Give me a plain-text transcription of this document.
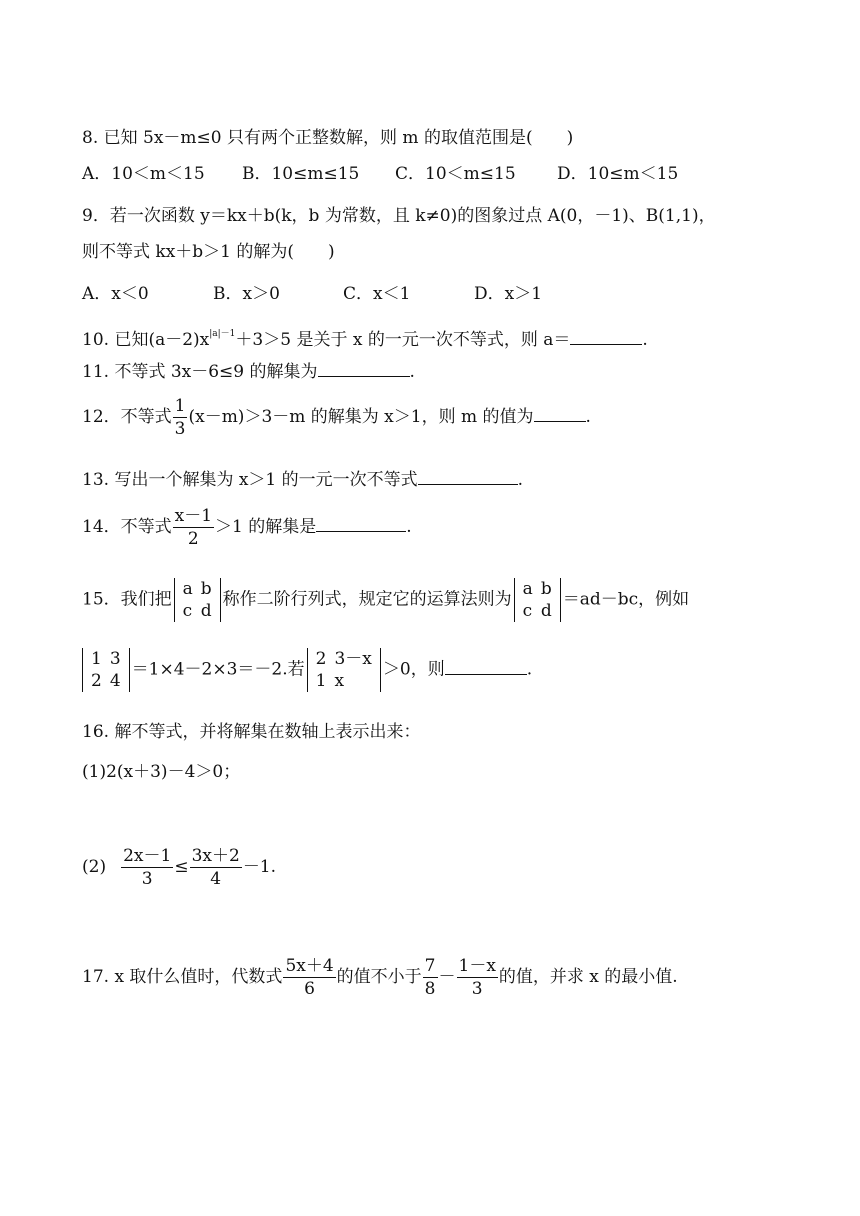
8. 已知 5x－m≤0 只有两个正整数解，则 m 的取值范围是(　　)
A．10＜m＜15 B．10≤m≤15 C．10＜m≤15 D．10≤m＜15
9．若一次函数 y＝kx＋b(k，b 为常数，且 k≠0)的图象过点 A(0，－1)、B(1,1)，
则不等式 kx＋b＞1 的解为(　　)
A．x＜0	B．x＞0	C．x＜1	D．x＞1
10. 已知$(a-2)x^{|a|-1}+3>5$ 是关于 x 的一元一次不等式，则 a＝	.
11. 不等式 3x－6≤9 的解集为	.
12．不等式 $\frac{1}{3} (x-m)>3-m$ 的解集为 x＞1，则 m 的值为	.
13. 写出一个解集为 x＞1 的一元一次不等式	.
14．不等式 $\frac{x-1}{2} >1$ 的解集是	.
15．我们把
a	b
c	d
称作二阶行列式，规定它的运算法则为
a	b
c	d
＝ad－bc，例如
1	3
2	4
＝1×4－2×3＝－2.若
2	3－x
1	x
＞0，则	.
16. 解不等式，并将解集在数轴上表示出来：
(1)2(x＋3)－4＞0；
$(2) \frac{2x-1}{3} \le \frac{3x+2}{4} -1$.
17. x 取什么值时，代数式 $\frac{5x+4}{6}$ 的值不小于 $\frac{7}{8} - \frac{1-x}{3}$ 的值，并求 x 的最小值.
